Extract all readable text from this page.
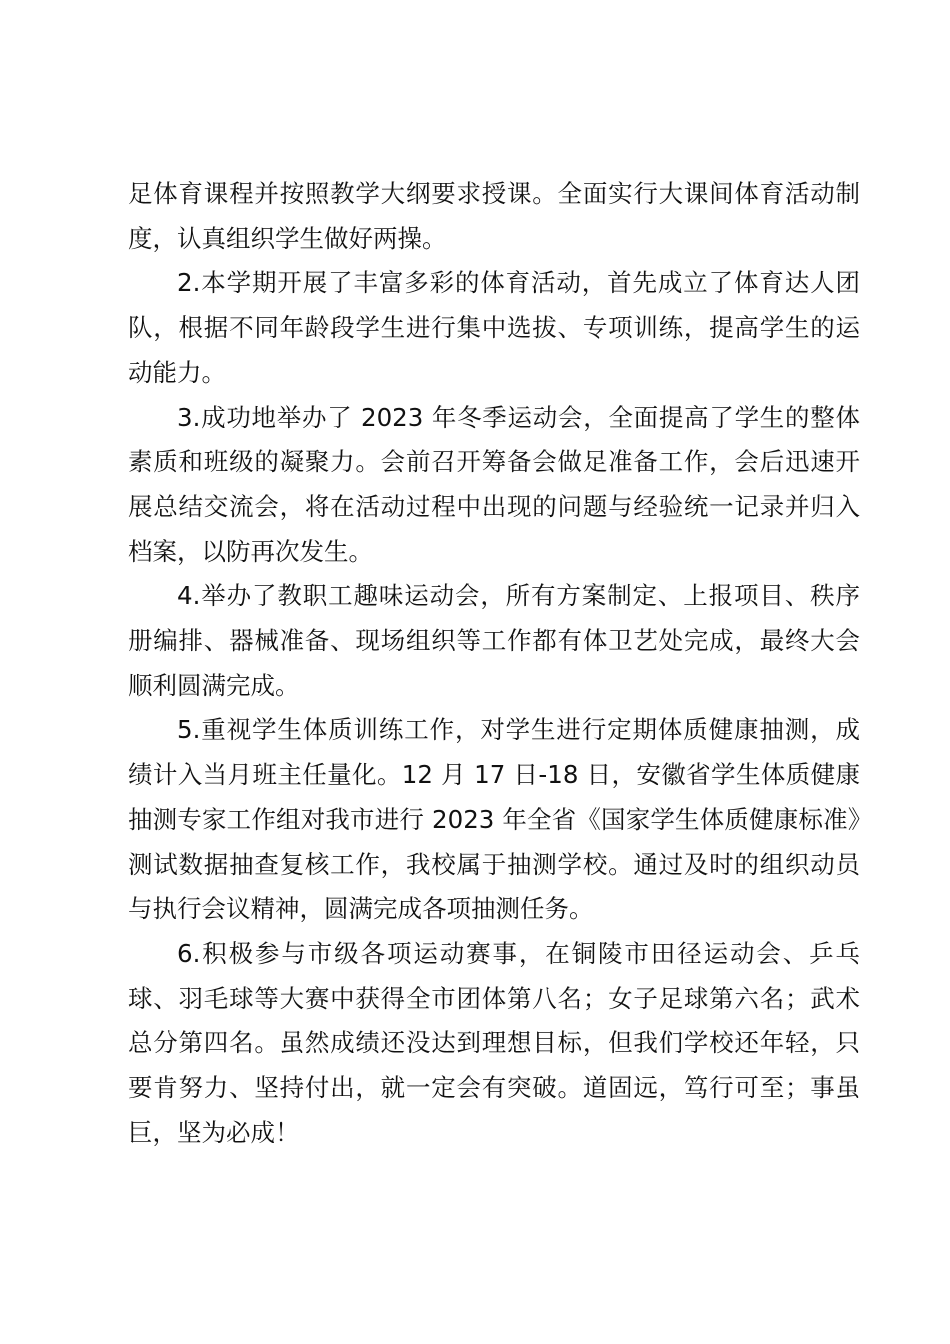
足体育课程并按照教学大纲要求授课。全面实行大课间体育活动制度，认真组织学生做好两操。

2.本学期开展了丰富多彩的体育活动，首先成立了体育达人团队，根据不同年龄段学生进行集中选拔、专项训练，提高学生的运动能力。

3.成功地举办了 2023 年冬季运动会，全面提高了学生的整体素质和班级的凝聚力。会前召开筹备会做足准备工作，会后迅速开展总结交流会，将在活动过程中出现的问题与经验统一记录并归入档案，以防再次发生。

4.举办了教职工趣味运动会，所有方案制定、上报项目、秩序册编排、器械准备、现场组织等工作都有体卫艺处完成，最终大会顺利圆满完成。

5.重视学生体质训练工作，对学生进行定期体质健康抽测，成绩计入当月班主任量化。12 月 17 日-18 日，安徽省学生体质健康抽测专家工作组对我市进行 2023 年全省《国家学生体质健康标准》测试数据抽查复核工作，我校属于抽测学校。通过及时的组织动员与执行会议精神，圆满完成各项抽测任务。

6.积极参与市级各项运动赛事，在铜陵市田径运动会、乒乓球、羽毛球等大赛中获得全市团体第八名；女子足球第六名；武术总分第四名。虽然成绩还没达到理想目标，但我们学校还年轻，只要肯努力、坚持付出，就一定会有突破。道固远，笃行可至；事虽巨，坚为必成！
